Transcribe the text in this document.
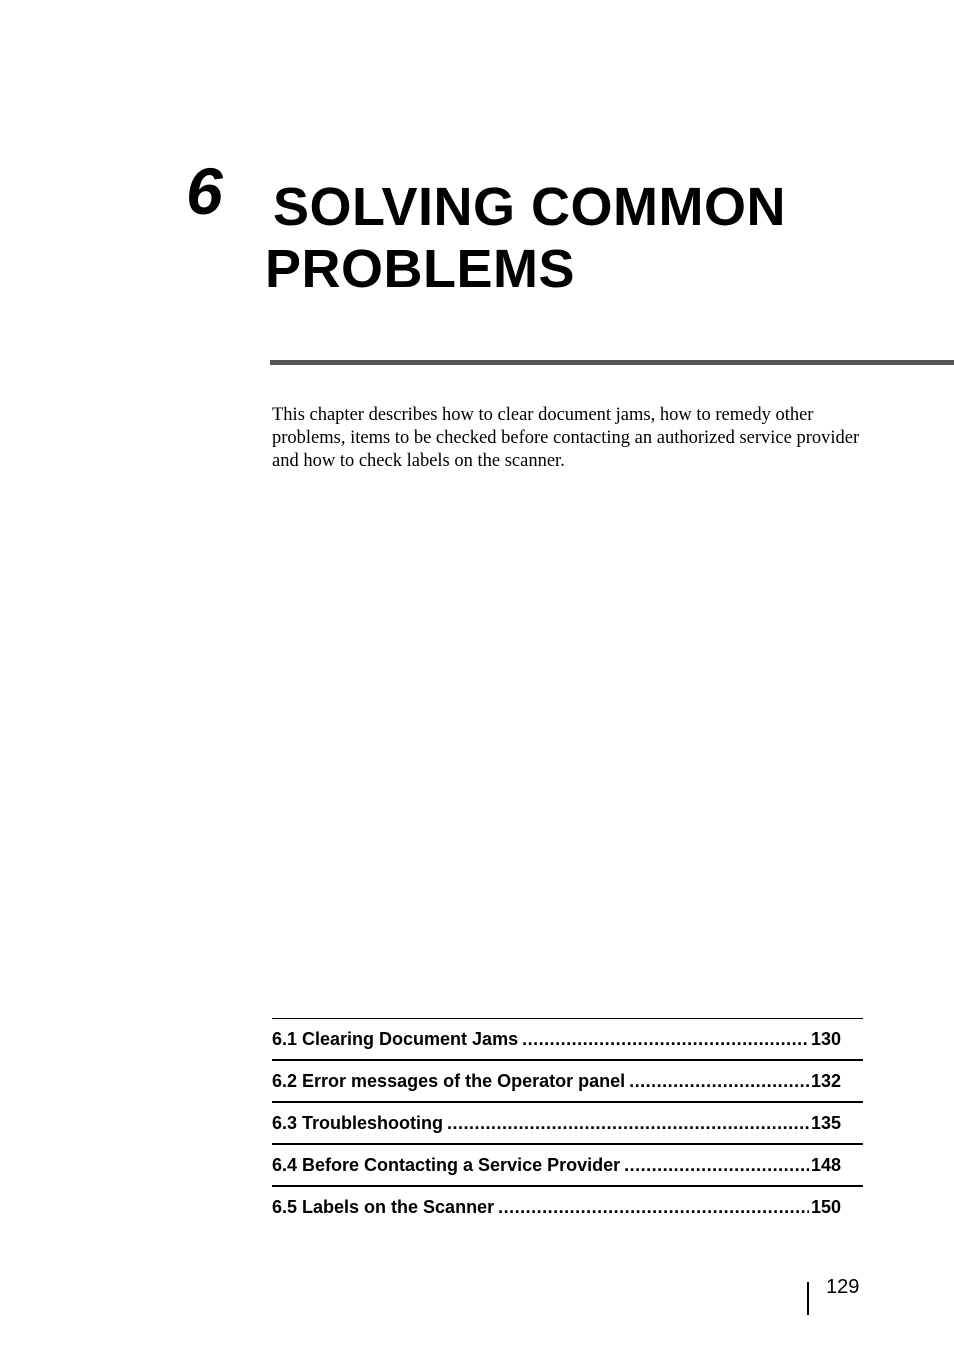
6 SOLVING COMMON
PROBLEMS

This chapter describes how to clear document jams, how to remedy other problems, items to be checked before contacting an authorized service provider and how to check labels on the scanner.

6.1 Clearing Document Jams .....	130
6.2 Error messages of the Operator panel .....	132
6.3 Troubleshooting .....	135
6.4 Before Contacting a Service Provider .....	148
6.5 Labels on the Scanner .....	150
129
